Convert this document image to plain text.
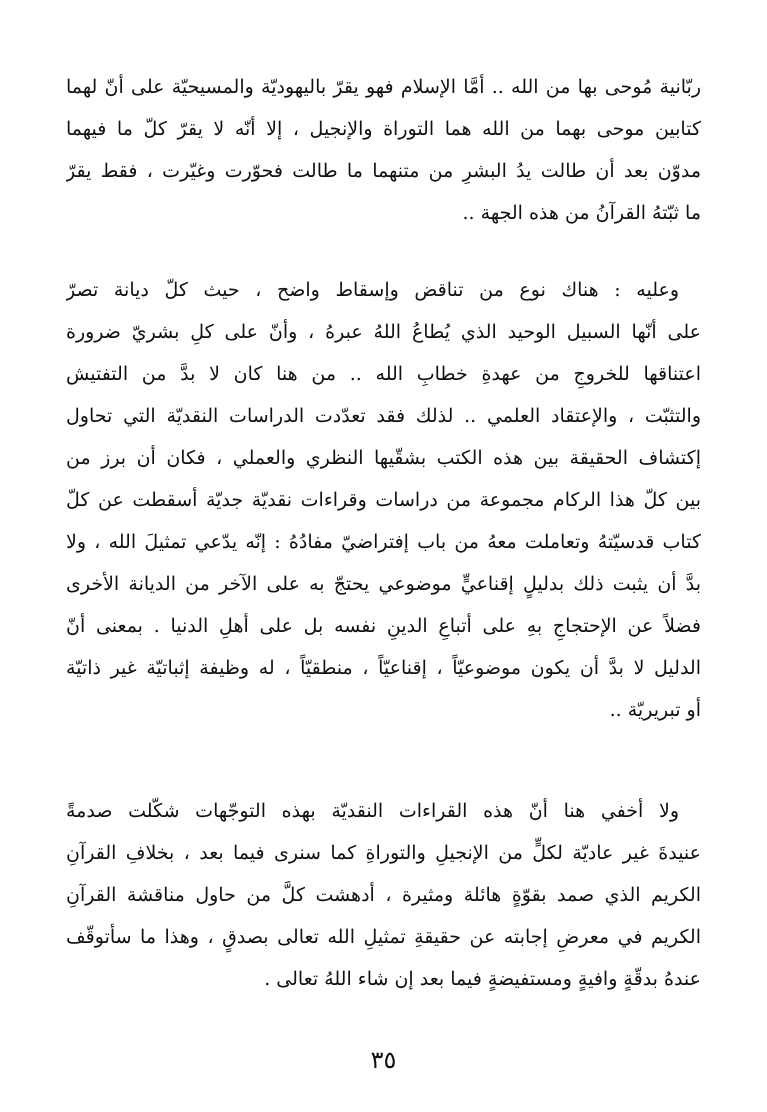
ربّانية مُوحى بها من الله .. أمَّا الإسلام فهو يقرّ باليهوديّة والمسيحيّة على أنّ لهما
كتابين موحى بهما من الله هما التوراة والإنجيل ، إلا أنّه لا يقرّ كلّ ما فيهما
مدوّن بعد أن طالت يدُ البشرِ من متنهما ما طالت فحوّرت وغيّرت ، فقط يقرّ
ما ثبّتهُ القرآنُ من هذه الجهة ..
وعليه : هناك نوع من تناقض وإسقاط واضح ، حيث كلّ ديانة تصرّ
على أنّها السبيل الوحيد الذي يُطاعُ اللهُ عبرهُ ، وأنّ على كلِ بشريّ ضرورة
اعتناقها للخروجِ من عهدةِ خطابِ الله .. من هنا كان لا بدَّ من التفتيش
والتثبّت ، والإعتقاد العلمي .. لذلك فقد تعدّدت الدراسات النقديّة التي تحاول
إكتشاف الحقيقة بين هذه الكتب بشقّيها النظري والعملي ، فكان أن برز من
بين كلّ هذا الركام مجموعة من دراسات وقراءات نقديّة جديّة أسقطت عن كلّ
كتاب قدسيّتهُ وتعاملت معهُ من باب إفتراضيّ مفادُهُ : إنّه يدّعي تمثيلَ الله ، ولا
بدَّ أن يثبت ذلك بدليلٍ إقناعيٍّ موضوعي يحتجّ به على الآخر من الديانة الأخرى
فضلاً عن الإحتجاجِ بهِ على أتباعِ الدينِ نفسه بل على أهلِ الدنيا . بمعنى أنّ
الدليل لا بدَّ أن يكون موضوعيّاً ، إقناعيّاً ، منطقيّاً ، له وظيفة إثباتيّة غير ذاتيّة
أو تبريريّة ..
ولا أخفي هنا أنّ هذه القراءات النقديّة بهذه التوجّهات شكّلت صدمةً
عنيدةَ غير عاديّة لكلٍّ من الإنجيلِ والتوراةِ كما سنرى فيما بعد ، بخلافِ القرآنِ
الكريم الذي صمد بقوّةٍ هائلة ومثيرة ، أدهشت كلَّ من حاول مناقشة القرآنِ
الكريم في معرضِ إجابته عن حقيقةِ تمثيلِ الله تعالى بصدقٍ ، وهذا ما سأتوقّف
عندهُ بدقّةٍ وافيةٍ ومستفيضةٍ فيما بعد إن شاء اللهُ تعالى .
٣٥
